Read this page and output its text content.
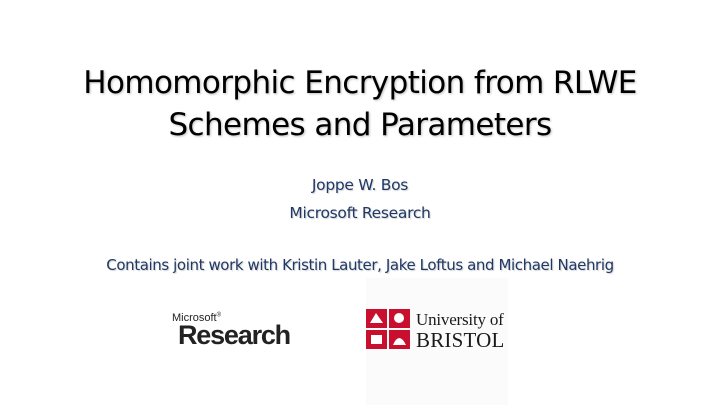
Homomorphic Encryption from RLWE
Schemes and Parameters
Joppe W. Bos
Microsoft Research
Contains joint work with Kristin Lauter, Jake Loftus and Michael Naehrig
Microsoft®
Research
University of
BRISTOL
